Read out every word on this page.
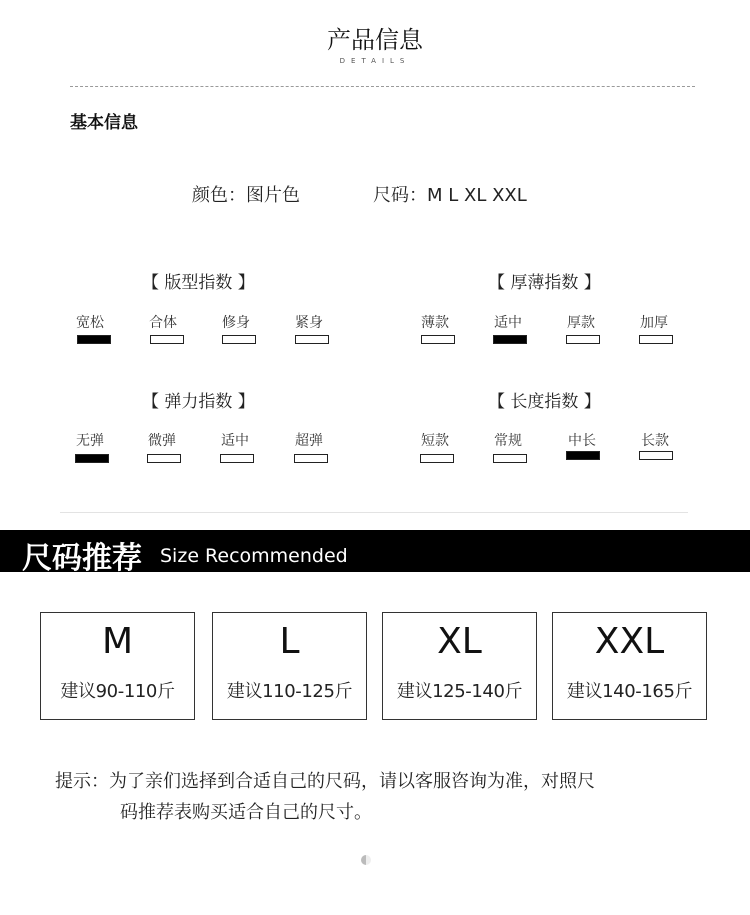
产品信息
DETAILS
基本信息
颜色：图片色	尺码：M L XL XXL
【 版型指数 】
宽松	合体	修身	紧身
【 厚薄指数 】
薄款	适中	厚款	加厚
【 弹力指数 】
无弹	微弹	适中	超弹
【 长度指数 】
短款	常规	中长	长款
尺码推荐 Size Recommended
M
建议90-110斤
L
建议110-125斤
XL
建议125-140斤
XXL
建议140-165斤
提示：为了亲们选择到合适自己的尺码，请以客服咨询为准，对照尺
码推荐表购买适合自己的尺寸。
